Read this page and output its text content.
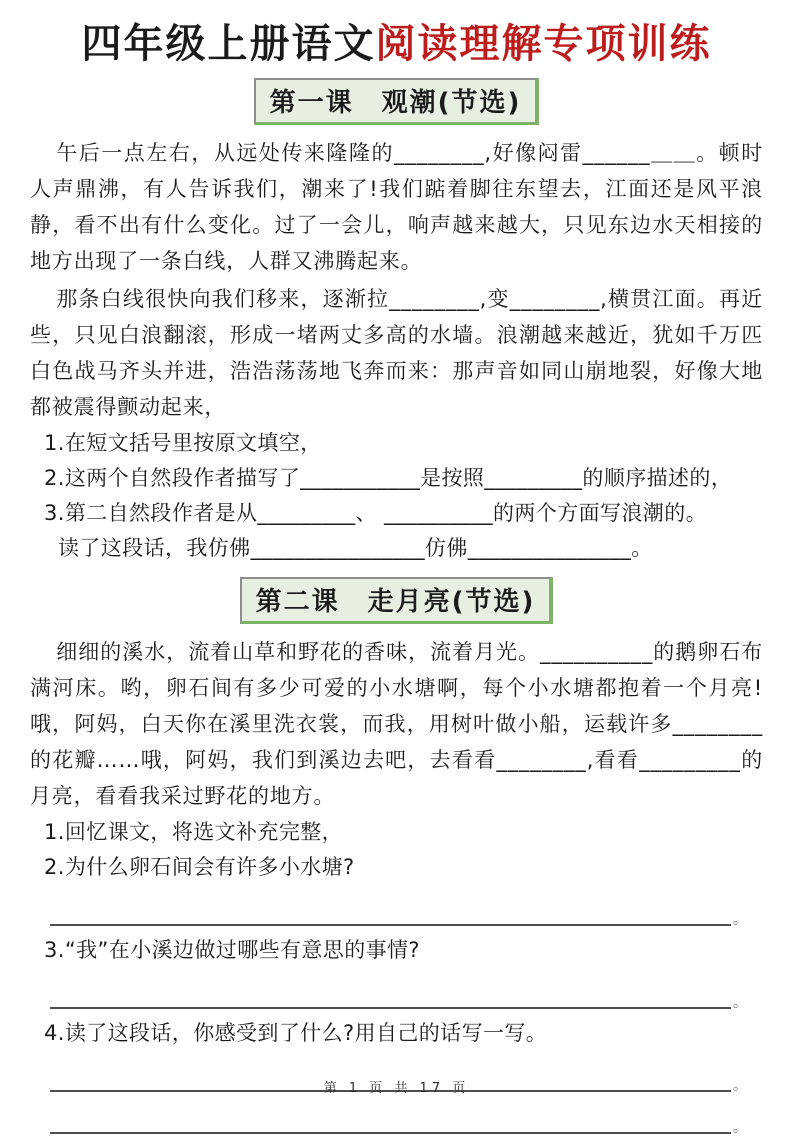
四年级上册语文阅读理解专项训练
第一课　观潮(节选)
午后一点左右，从远处传来隆隆的________,好像闷雷______＿＿。顿时人声鼎沸，有人告诉我们，潮来了!我们踮着脚往东望去，江面还是风平浪静，看不出有什么变化。过了一会儿，响声越来越大，只见东边水天相接的地方出现了一条白线，人群又沸腾起来。
那条白线很快向我们移来，逐渐拉________,变________,横贯江面。再近些，只见白浪翻滚，形成一堵两丈多高的水墙。浪潮越来越近，犹如千万匹白色战马齐头并进，浩浩荡荡地飞奔而来：那声音如同山崩地裂，好像大地都被震得颤动起来，
1.在短文括号里按原文填空，
2.这两个自然段作者描写了___________是按照_________的顺序描述的，
3.第二自然段作者是从_________、 __________的两个方面写浪潮的。
读了这段话，我仿佛________________仿佛_______________。
第二课　走月亮(节选)
细细的溪水，流着山草和野花的香味，流着月光。__________的鹅卵石布满河床。哟，卵石间有多少可爱的小水塘啊，每个小水塘都抱着一个月亮!哦，阿妈，白天你在溪里洗衣裳，而我，用树叶做小船，运载许多________的花瓣……哦，阿妈，我们到溪边去吧，去看看________,看看_________的月亮，看看我采过野花的地方。
1.回忆课文，将选文补充完整，
2.为什么卵石间会有许多小水塘?
。
3.“我”在小溪边做过哪些有意思的事情?
。
4.读了这段话，你感受到了什么?用自己的话写一写。
。
。
第 1 页 共 17 页
